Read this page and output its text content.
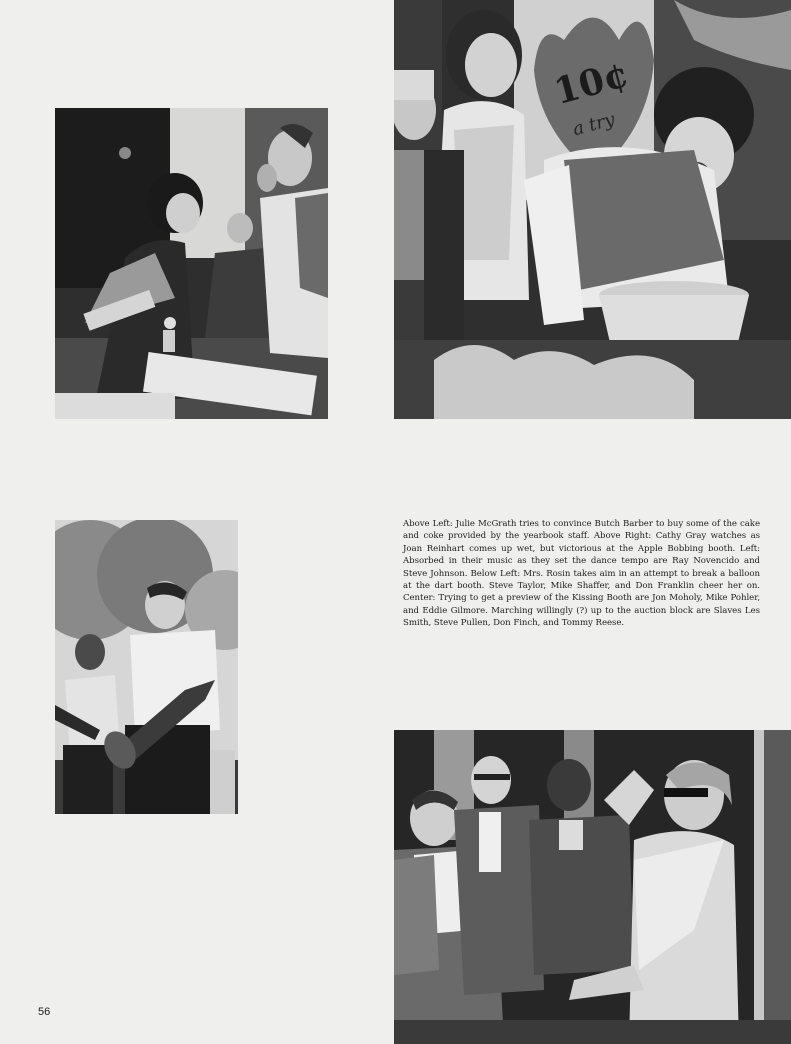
10¢
a try
Above Left: Julie McGrath tries to convince Butch Barber to buy some of the cake and coke provided by the yearbook staff. Above Right: Cathy Gray watches as Joan Reinhart comes up wet, but victorious at the Apple Bobbing booth. Left: Absorbed in their music as they set the dance tempo are Ray Novencido and Steve Johnson. Below Left: Mrs. Rosin takes aim in an attempt to break a balloon at the dart booth. Steve Taylor, Mike Shaffer, and Don Franklin cheer her on. Center: Trying to get a preview of the Kissing Booth are Jon Moholy, Mike Pohler, and Eddie Gilmore. Marching willingly (?) up to the auction block are Slaves Les Smith, Steve Pullen, Don Finch, and Tommy Reese.
56
